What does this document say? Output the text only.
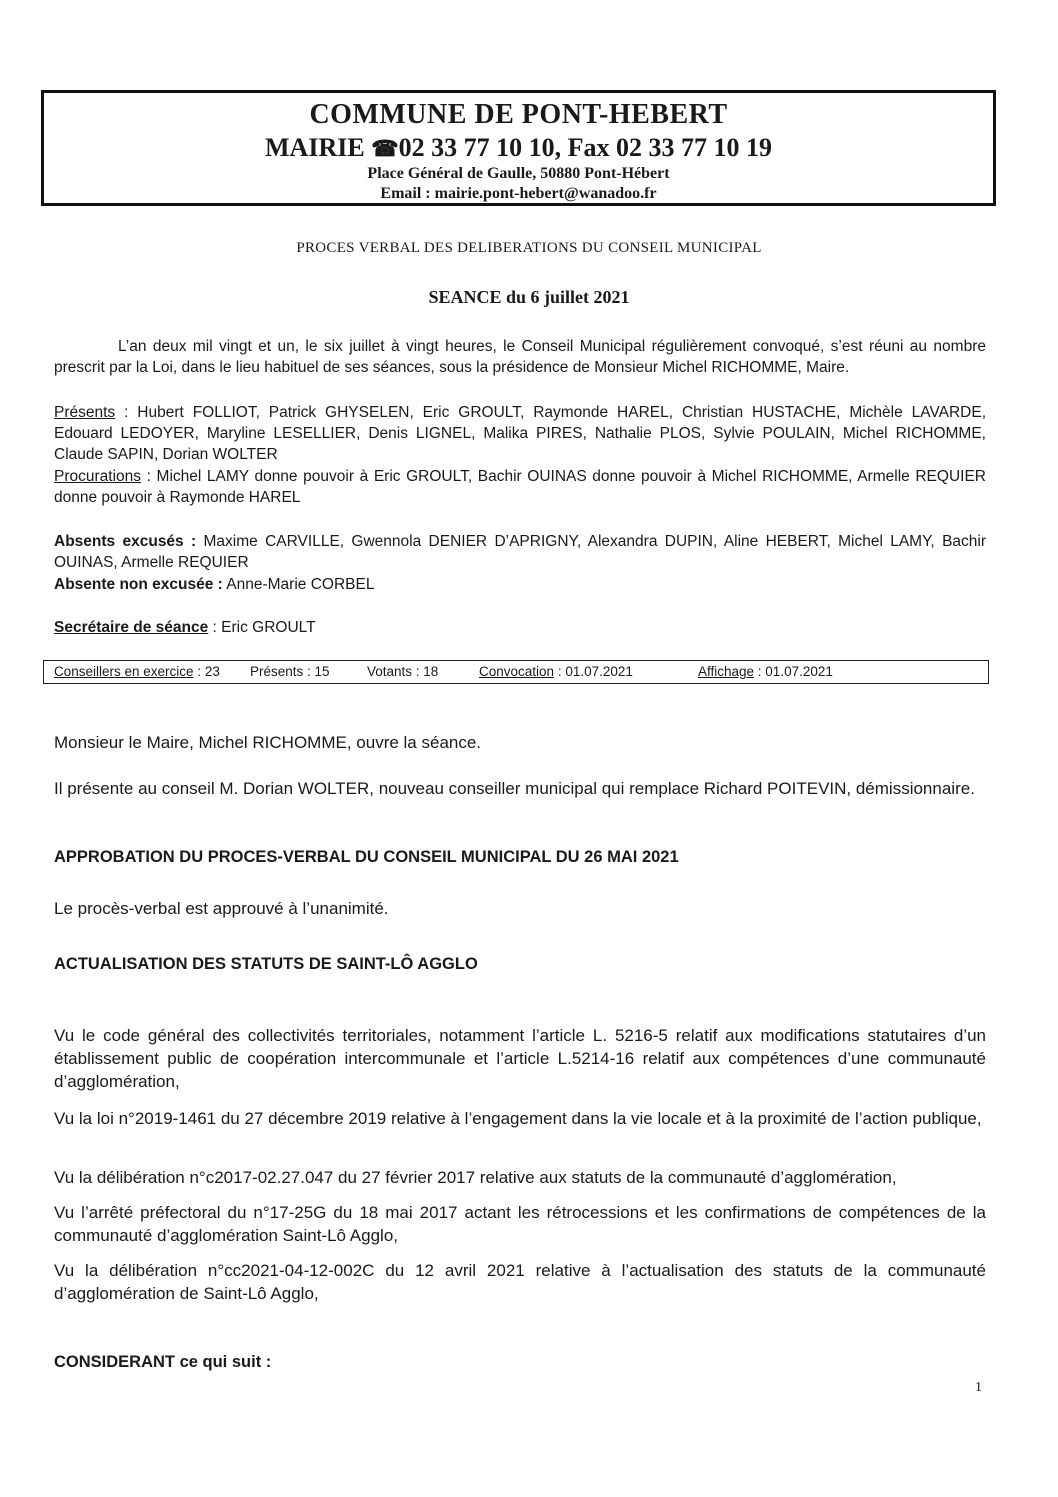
COMMUNE DE PONT-HEBERT
MAIRIE ☎02 33 77 10 10, Fax 02 33 77 10 19
Place Général de Gaulle, 50880 Pont-Hébert
Email : mairie.pont-hebert@wanadoo.fr
PROCES VERBAL DES DELIBERATIONS DU CONSEIL MUNICIPAL
SEANCE du 6 juillet 2021
L’an deux mil vingt et un, le six juillet à vingt heures, le Conseil Municipal régulièrement convoqué, s’est réuni au nombre prescrit par la Loi, dans le lieu habituel de ses séances, sous la présidence de Monsieur Michel RICHOMME, Maire.
Présents : Hubert FOLLIOT, Patrick GHYSELEN, Eric GROULT, Raymonde HAREL, Christian HUSTACHE, Michèle LAVARDE, Edouard LEDOYER, Maryline LESELLIER, Denis LIGNEL, Malika PIRES, Nathalie PLOS, Sylvie POULAIN, Michel RICHOMME, Claude SAPIN, Dorian WOLTER
Procurations : Michel LAMY donne pouvoir à Eric GROULT, Bachir OUINAS donne pouvoir à Michel RICHOMME, Armelle REQUIER donne pouvoir à Raymonde HAREL
Absents excusés : Maxime CARVILLE, Gwennola DENIER D’APRIGNY, Alexandra DUPIN, Aline HEBERT, Michel LAMY, Bachir OUINAS, Armelle REQUIER
Absente non excusée : Anne-Marie CORBEL
Secrétaire de séance : Eric GROULT
Conseillers en exercice : 23 Présents : 15	Votants : 18	Convocation : 01.07.2021	Affichage : 01.07.2021
Monsieur le Maire, Michel RICHOMME, ouvre la séance.
Il présente au conseil M. Dorian WOLTER, nouveau conseiller municipal qui remplace Richard POITEVIN, démissionnaire.
APPROBATION DU PROCES-VERBAL DU CONSEIL MUNICIPAL DU 26 MAI 2021
Le procès-verbal est approuvé à l’unanimité.
ACTUALISATION DES STATUTS DE SAINT-LÔ AGGLO
Vu le code général des collectivités territoriales, notamment l’article L. 5216-5 relatif aux modifications statutaires d’un établissement public de coopération intercommunale et l’article L.5214-16 relatif aux compétences d’une communauté d’agglomération,
Vu la loi n°2019-1461 du 27 décembre 2019 relative à l’engagement dans la vie locale et à la proximité de l’action publique,
Vu la délibération n°c2017-02.27.047 du 27 février 2017 relative aux statuts de la communauté d’agglomération,
Vu l’arrêté préfectoral du n°17-25G du 18 mai 2017 actant les rétrocessions et les confirmations de compétences de la communauté d’agglomération Saint-Lô Agglo,
Vu la délibération n°cc2021-04-12-002C du 12 avril 2021 relative à l’actualisation des statuts de la communauté d’agglomération de Saint-Lô Agglo,
CONSIDERANT ce qui suit :
1
